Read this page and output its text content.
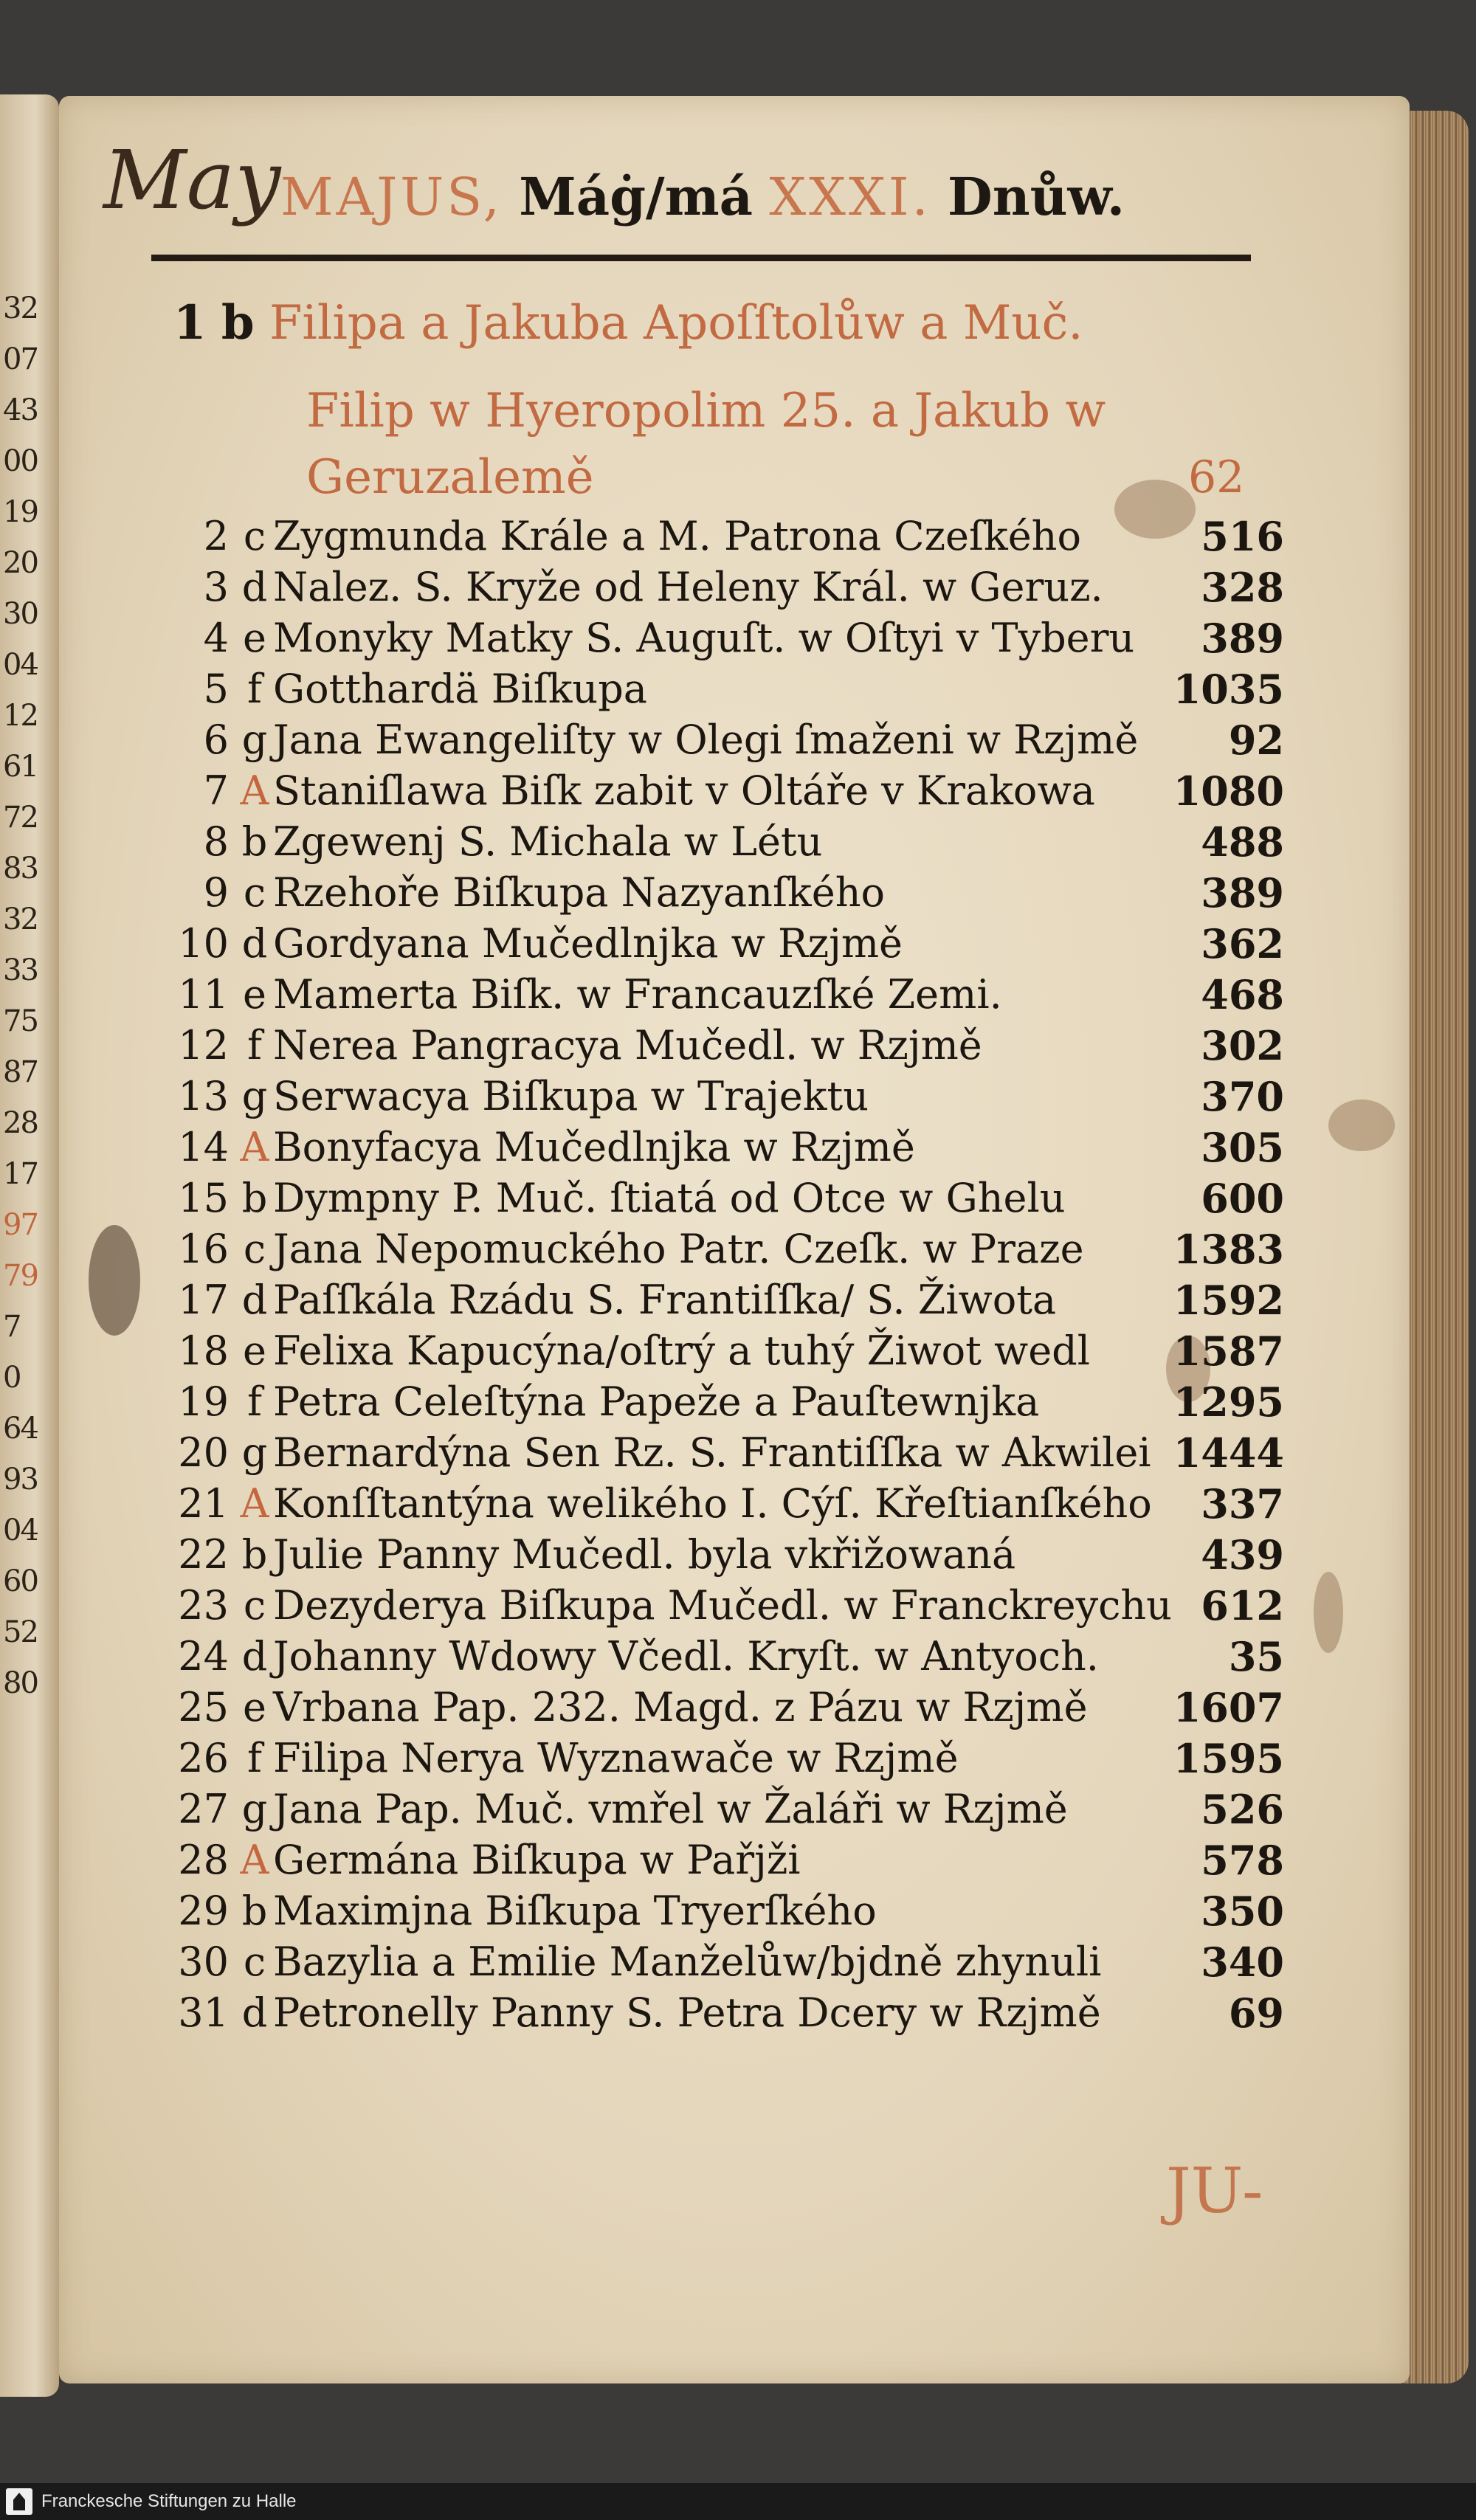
32
07
43
00
19
20
30
04
12
61
72
83
32
33
75
87
28
17
97
79
7
0
64
93
04
60
52
80
May MAJUS, Máġ/má XXXI. Dnůw.
1 b Filipa a Jakuba Apoſſtolůw a Muč.
Filip w Hyeropolim 25. a Jakub w
Geruzalemě	62
2 c Zygmunda Krále a M. Patrona Czeſkého	516
3 d Nalez. S. Kryže od Heleny Král. w Geruz.	328
4 e Monyky Matky S. Auguſt. w Oſtyi v Tyberu	389
5 f Gotthardä Biſkupa	1035
6 g Jana Ewangeliſty w Olegi ſmaženi w Rzjmě	92
7 A Staniſlawa Biſk zabit v Oltáře v Krakowa 1080
8 b Zgewenj S. Michala w Létu	488
9 c Rzehoře Biſkupa Nazyanſkého	389
10 d Gordyana Mučedlnjka w Rzjmě	362
11 e Mamerta Biſk. w Francauzſké Zemi.	468
12 f Nerea Pangracya Mučedl. w Rzjmě	302
13 g Serwacya Biſkupa w Trajektu	370
14 A Bonyfacya Mučedlnjka w Rzjmě	305
15 b Dympny P. Muč. ſtiatá od Otce w Ghelu	600
16 c Jana Nepomuckého Patr. Czeſk. w Praze 1383
17 d Paſſkála Rzádu S. Frantiſſka/ S. Žiwota	1592
18 e Felixa Kapucýna/oſtrý a tuhý Žiwot wedl 1587
19 f Petra Celeſtýna Papeže a Pauſtewnjka	1295
20 g Bernardýna Sen Rz. S. Frantiſſka w Akwilei 1444
21 A Konſſtantýna welikého I. Cýſ. Křeſtianſkého	337
22 b Julie Panny Mučedl. byla vkřižowaná	439
23 c Dezyderya Biſkupa Mučedl. w Franckreychu 612
24 d Johanny Wdowy Včedl. Kryſt. w Antyoch.	35
25 e Vrbana Pap. 232. Magd. z Pázu w Rzjmě 1607
26 f Filipa Nerya Wyznawače w Rzjmě	1595
27 g Jana Pap. Muč. vmřel w Žaláři w Rzjmě	526
28 A Germána Biſkupa w Pařjži	578
29 b Maximjna Biſkupa Tryerſkého	350
30 c Bazylia a Emilie Manželůw/bjdně zhynuli	340
31 d Petronelly Panny S. Petra Dcery w Rzjmě	69
JU-
Franckesche Stiftungen zu Halle
